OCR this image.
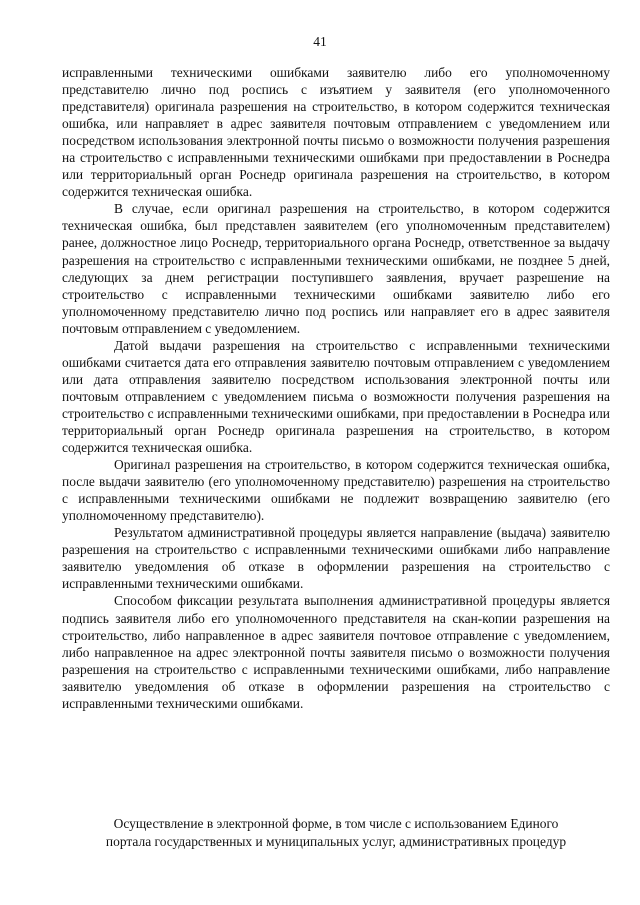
41

исправленными техническими ошибками заявителю либо его уполномоченному представителю лично под роспись с изъятием у заявителя (его уполномоченного представителя) оригинала разрешения на строительство, в котором содержится техническая ошибка, или направляет в адрес заявителя почтовым отправлением с уведомлением или посредством использования электронной почты письмо о возможности получения разрешения на строительство с исправленными техническими ошибками при предоставлении в Роснедра или территориальный орган Роснедр оригинала разрешения на строительство, в котором содержится техническая ошибка.

В случае, если оригинал разрешения на строительство, в котором содержится техническая ошибка, был представлен заявителем (его уполномоченным представителем) ранее, должностное лицо Роснедр, территориального органа Роснедр, ответственное за выдачу разрешения на строительство с исправленными техническими ошибками, не позднее 5 дней, следующих за днем регистрации поступившего заявления, вручает разрешение на строительство с исправленными техническими ошибками заявителю либо его уполномоченному представителю лично под роспись или направляет его в адрес заявителя почтовым отправлением с уведомлением.

Датой выдачи разрешения на строительство с исправленными техническими ошибками считается дата его отправления заявителю почтовым отправлением с уведомлением или дата отправления заявителю посредством использования электронной почты или почтовым отправлением с уведомлением письма о возможности получения разрешения на строительство с исправленными техническими ошибками, при предоставлении в Роснедра или территориальный орган Роснедр оригинала разрешения на строительство, в котором содержится техническая ошибка.

Оригинал разрешения на строительство, в котором содержится техническая ошибка, после выдачи заявителю (его уполномоченному представителю) разрешения на строительство с исправленными техническими ошибками не подлежит возвращению заявителю (его уполномоченному представителю).

Результатом административной процедуры является направление (выдача) заявителю разрешения на строительство с исправленными техническими ошибками либо направление заявителю уведомления об отказе в оформлении разрешения на строительство с исправленными техническими ошибками.

Способом фиксации результата выполнения административной процедуры является подпись заявителя либо его уполномоченного представителя на скан-копии разрешения на строительство, либо направленное в адрес заявителя почтовое отправление с уведомлением, либо направленное на адрес электронной почты заявителя письмо о возможности получения разрешения на строительство с исправленными техническими ошибками, либо направление заявителю уведомления об отказе в оформлении разрешения на строительство с исправленными техническими ошибками.

Осуществление в электронной форме, в том числе с использованием Единого

портала государственных и муниципальных услуг, административных процедур
